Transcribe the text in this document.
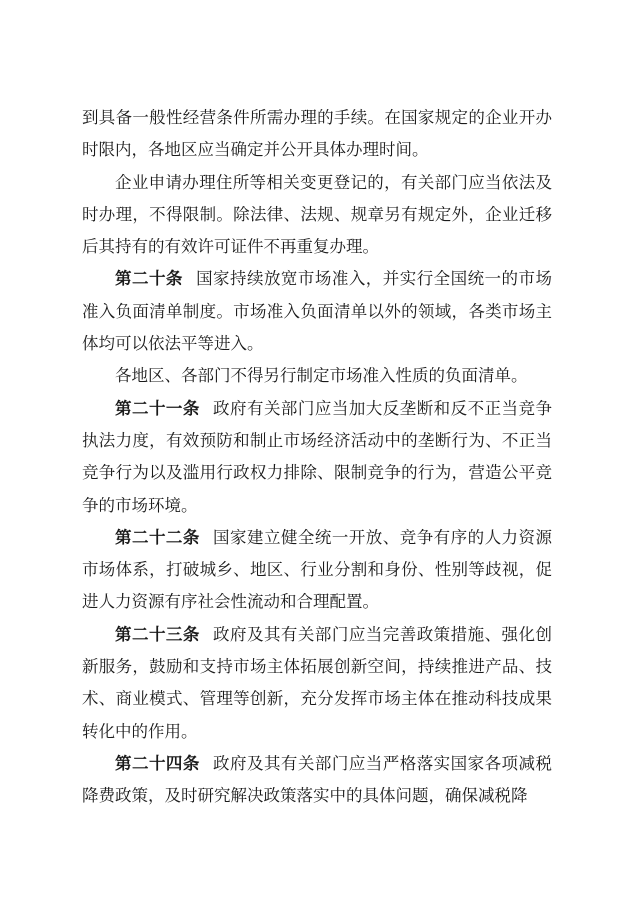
到具备一般性经营条件所需办理的手续。在国家规定的企业开办时限内，各地区应当确定并公开具体办理时间。

企业申请办理住所等相关变更登记的，有关部门应当依法及时办理，不得限制。除法律、法规、规章另有规定外，企业迁移后其持有的有效许可证件不再重复办理。

第二十条 国家持续放宽市场准入，并实行全国统一的市场准入负面清单制度。市场准入负面清单以外的领域，各类市场主体均可以依法平等进入。

各地区、各部门不得另行制定市场准入性质的负面清单。

第二十一条 政府有关部门应当加大反垄断和反不正当竞争执法力度，有效预防和制止市场经济活动中的垄断行为、不正当竞争行为以及滥用行政权力排除、限制竞争的行为，营造公平竞争的市场环境。

第二十二条 国家建立健全统一开放、竞争有序的人力资源市场体系，打破城乡、地区、行业分割和身份、性别等歧视，促进人力资源有序社会性流动和合理配置。

第二十三条 政府及其有关部门应当完善政策措施、强化创新服务，鼓励和支持市场主体拓展创新空间，持续推进产品、技术、商业模式、管理等创新，充分发挥市场主体在推动科技成果转化中的作用。

第二十四条 政府及其有关部门应当严格落实国家各项减税降费政策，及时研究解决政策落实中的具体问题，确保减税降
